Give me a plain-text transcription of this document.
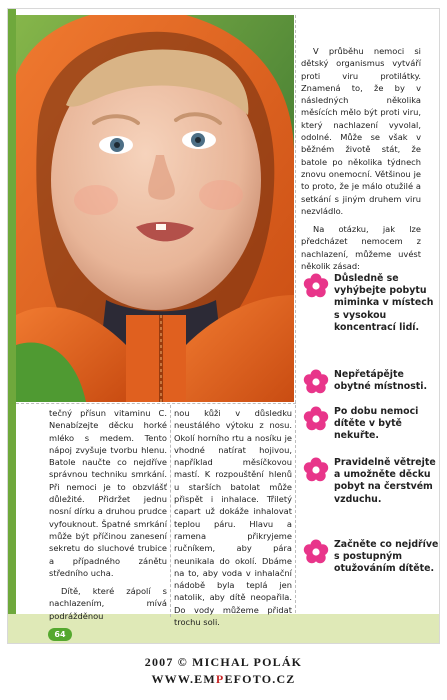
tečný přísun vitaminu C. Nenabízejte děcku horké mléko s medem. Tento nápoj zvyšuje tvorbu hlenu. Batole naučte co nejdříve správnou techniku smrkání. Při nemoci je to obzvlášť důležité. Přidržet jednu nosní dírku a druhou prudce vyfouknout. Špatné smrkání může být příčinou zanesení sekretu do sluchové trubice a případného zánětu středního ucha.

Dítě, které zápolí s nachlazením, mívá podrážděnou

nou kůži v důsledku neustálého výtoku z nosu. Okolí horního rtu a nosíku je vhodné natírat hojivou, například měsíčkovou mastí. K rozpouštění hlenů u starších batolat může přispět i inhalace. Třiletý capart už dokáže inhalovat teplou páru. Hlavu a ramena přikryjeme ručníkem, aby pára neunikala do okolí. Dbáme na to, aby voda v inhalační nádobě byla teplá jen natolik, aby dítě neopařila. Do vody můžeme přidat trochu soli.

V průběhu nemoci si dětský organismus vytváří proti viru protilátky. Znamená to, že by v následných několika měsících mělo být proti viru, který nachlazení vyvolal, odolné. Může se však v běžném životě stát, že batole po několika týdnech znovu onemocní. Většinou je to proto, že je málo otužilé a setkání s jiným druhem viru nezvládlo.

Na otázku, jak lze předcházet nemocem z nachlazení, můžeme uvést několik zásad:

Důsledně se vyhýbejte pobytu miminka v místech s vysokou koncentrací lidí.
Nepřetápějte obytné místnosti.
Po dobu nemoci dítěte v bytě nekuřte.
Pravidelně větrejte a umožněte děcku pobyt na čerstvém vzduchu.
Začněte co nejdříve s postupným otužováním dítěte.
64
2007 © MICHAL POLÁK
WWW.EMPEFOTO.CZ
